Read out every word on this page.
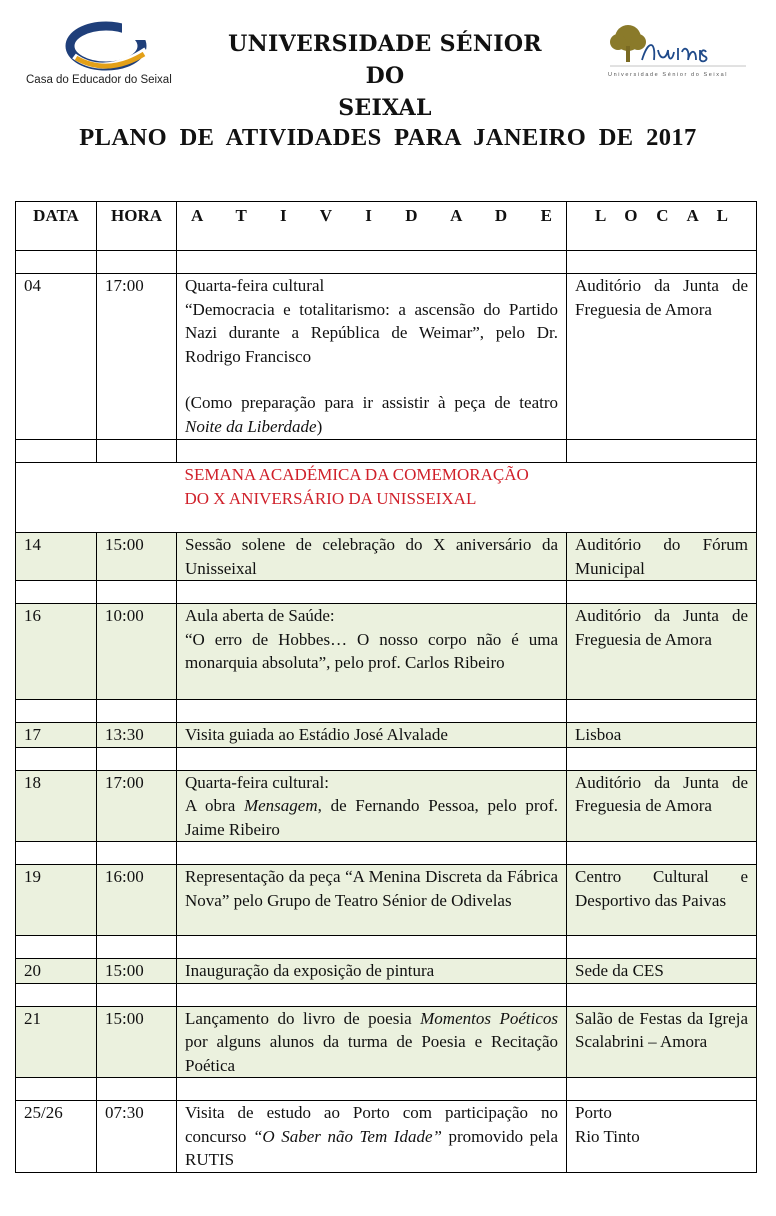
Casa do Educador do Seixal
UNIVERSIDADE SÉNIOR DO
SEIXAL
Universidade Sénior do Seixal
PLANO DE ATIVIDADES PARA JANEIRO DE 2017
DATA	HORA	A T I V I D A D E	L O C A L

04	17:00	Quarta-feira cultural
“Democracia e totalitarismo: a ascensão do Partido Nazi durante a República de Weimar”, pelo Dr. Rodrigo Francisco
(Como preparação para ir assistir à peça de teatro Noite da Liberdade)	Auditório da Junta de Freguesia de Amora

		SEMANA ACADÉMICA DA COMEMORAÇÃO DO X ANIVERSÁRIO DA UNISSEIXAL	
14	15:00	Sessão solene de celebração do X aniversário da Unisseixal	Auditório do Fórum Municipal

16	10:00	Aula aberta de Saúde:
“O erro de Hobbes… O nosso corpo não é uma monarquia absoluta”, pelo prof. Carlos Ribeiro	Auditório da Junta de Freguesia de Amora

17	13:30	Visita guiada ao Estádio José Alvalade	Lisboa

18	17:00	Quarta-feira cultural:
A obra Mensagem, de Fernando Pessoa, pelo prof. Jaime Ribeiro	Auditório da Junta de Freguesia de Amora

19	16:00	Representação da peça “A Menina Discreta da Fábrica Nova” pelo Grupo de Teatro Sénior de Odivelas	Centro Cultural e Desportivo das Paivas

20	15:00	Inauguração da exposição de pintura	Sede da CES

21	15:00	Lançamento do livro de poesia Momentos Poéticos por alguns alunos da turma de Poesia e Recitação Poética	Salão de Festas da Igreja Scalabrini – Amora

25/26	07:30	Visita de estudo ao Porto com participação no concurso “O Saber não Tem Idade” promovido pela RUTIS	Porto
Rio Tinto
